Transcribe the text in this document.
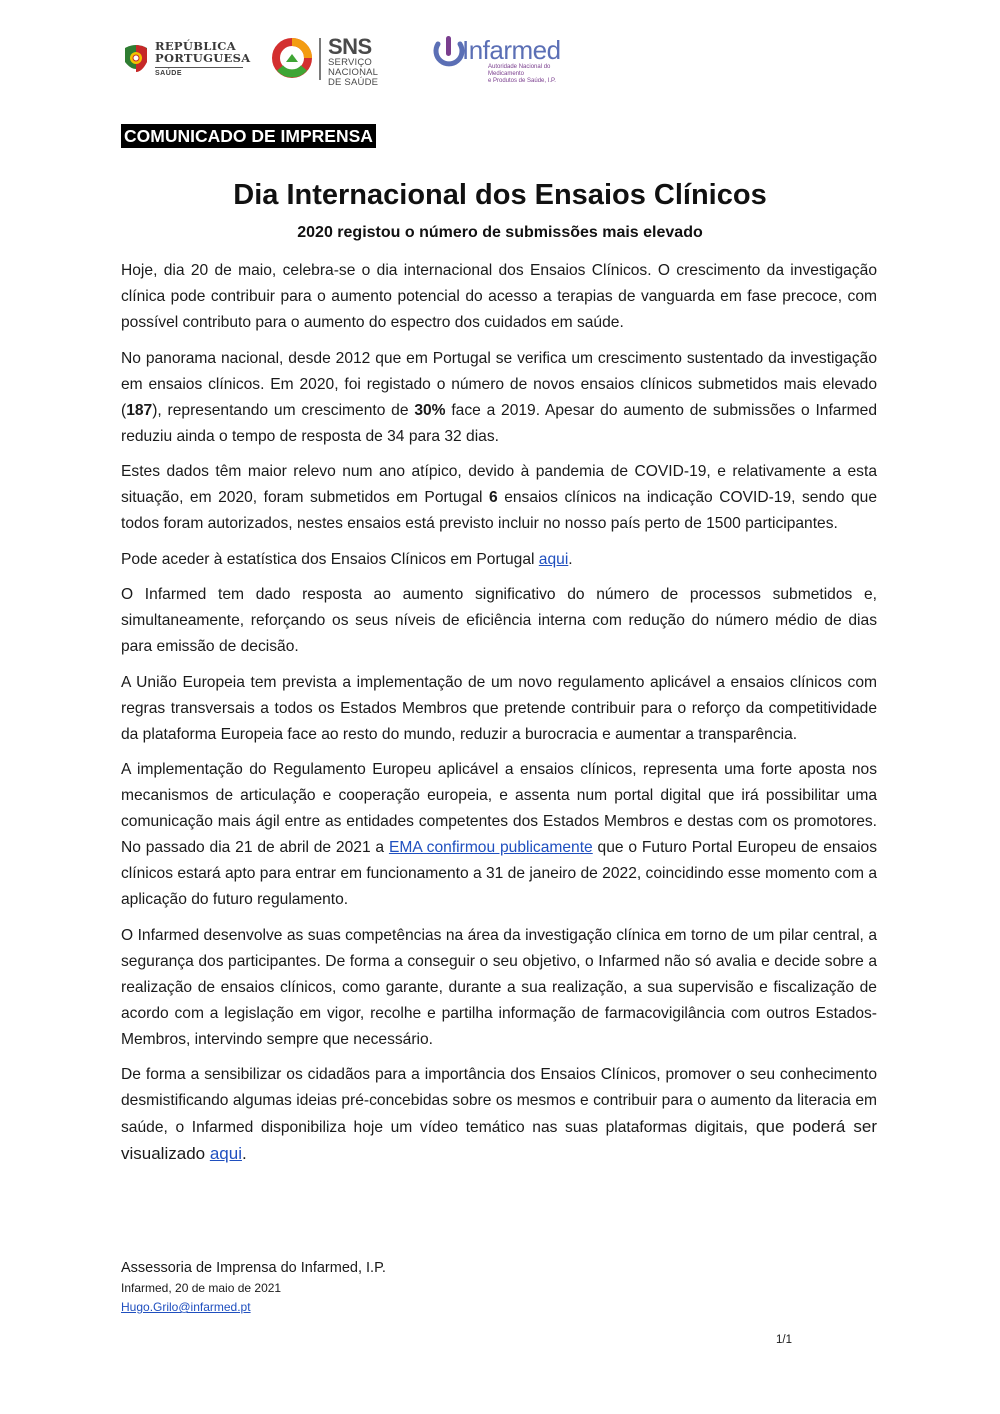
REPÚBLICA
PORTUGUESA
SAÚDE
SNS
SERVIÇO NACIONAL
DE SAÚDE
Infarmed
Autoridade Nacional do Medicamento
e Produtos de Saúde, I.P.
COMUNICADO DE IMPRENSA
Dia Internacional dos Ensaios Clínicos
2020 registou o número de submissões mais elevado

Hoje, dia 20 de maio, celebra-se o dia internacional dos Ensaios Clínicos. O crescimento da investigação clínica pode contribuir para o aumento potencial do acesso a terapias de vanguarda em fase precoce, com possível contributo para o aumento do espectro dos cuidados em saúde.

No panorama nacional, desde 2012 que em Portugal se verifica um crescimento sustentado da investigação em ensaios clínicos. Em 2020, foi registado o número de novos ensaios clínicos submetidos mais elevado (187), representando um crescimento de 30% face a 2019. Apesar do aumento de submissões o Infarmed reduziu ainda o tempo de resposta de 34 para 32 dias.

Estes dados têm maior relevo num ano atípico, devido à pandemia de COVID-19, e relativamente a esta situação, em 2020, foram submetidos em Portugal 6 ensaios clínicos na indicação COVID-19, sendo que todos foram autorizados, nestes ensaios está previsto incluir no nosso país perto de 1500 participantes.

Pode aceder à estatística dos Ensaios Clínicos em Portugal aqui.

O Infarmed tem dado resposta ao aumento significativo do número de processos submetidos e, simultaneamente, reforçando os seus níveis de eficiência interna com redução do número médio de dias para emissão de decisão.

A União Europeia tem prevista a implementação de um novo regulamento aplicável a ensaios clínicos com regras transversais a todos os Estados Membros que pretende contribuir para o reforço da competitividade da plataforma Europeia face ao resto do mundo, reduzir a burocracia e aumentar a transparência.

A implementação do Regulamento Europeu aplicável a ensaios clínicos, representa uma forte aposta nos mecanismos de articulação e cooperação europeia, e assenta num portal digital que irá possibilitar uma comunicação mais ágil entre as entidades competentes dos Estados Membros e destas com os promotores. No passado dia 21 de abril de 2021 a EMA confirmou publicamente que o Futuro Portal Europeu de ensaios clínicos estará apto para entrar em funcionamento a 31 de janeiro de 2022, coincidindo esse momento com a aplicação do futuro regulamento.

O Infarmed desenvolve as suas competências na área da investigação clínica em torno de um pilar central, a segurança dos participantes. De forma a conseguir o seu objetivo, o Infarmed não só avalia e decide sobre a realização de ensaios clínicos, como garante, durante a sua realização, a sua supervisão e fiscalização de acordo com a legislação em vigor, recolhe e partilha informação de farmacovigilância com outros Estados-Membros, intervindo sempre que necessário.

De forma a sensibilizar os cidadãos para a importância dos Ensaios Clínicos, promover o seu conhecimento desmistificando algumas ideias pré-concebidas sobre os mesmos e contribuir para o aumento da literacia em saúde, o Infarmed disponibiliza hoje um vídeo temático nas suas plataformas digitais, que poderá ser visualizado aqui.

Assessoria de Imprensa do Infarmed, I.P.
Infarmed, 20 de maio de 2021
Hugo.Grilo@infarmed.pt
1/1
